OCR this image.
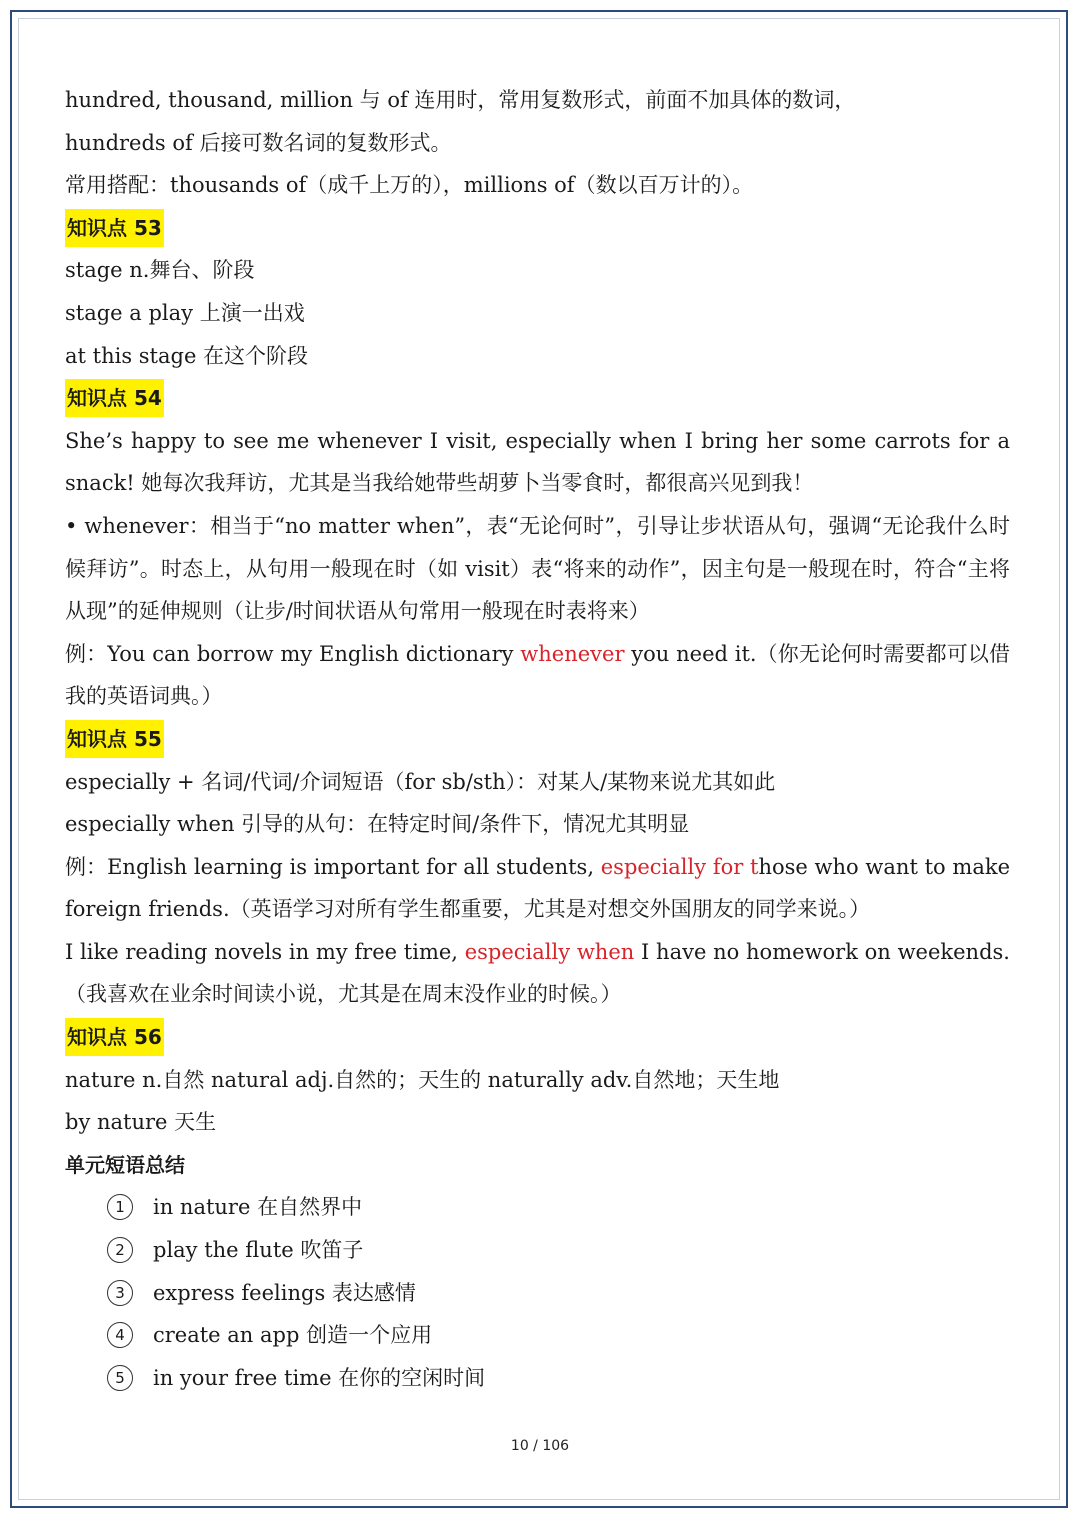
hundred, thousand, million 与 of 连用时，常用复数形式，前面不加具体的数词，
hundreds of 后接可数名词的复数形式。
常用搭配：thousands of（成千上万的），millions of（数以百万计的）。
知识点 53
stage n.舞台、阶段
stage a play 上演一出戏
at this stage 在这个阶段
知识点 54
She’s happy to see me whenever I visit, especially when I bring her some carrots for a snack! 她每次我拜访，尤其是当我给她带些胡萝卜当零食时，都很高兴见到我！
• whenever：相当于“no matter when”，表“无论何时”，引导让步状语从句，强调“无论我什么时候拜访”。时态上，从句用一般现在时（如 visit）表“将来的动作”，因主句是一般现在时，符合“主将从现”的延伸规则（让步/时间状语从句常用一般现在时表将来）
例：You can borrow my English dictionary whenever you need it.（你无论何时需要都可以借我的英语词典。）
知识点 55
especially + 名词/代词/介词短语（for sb/sth）：对某人/某物来说尤其如此
especially when 引导的从句：在特定时间/条件下，情况尤其明显
例：English learning is important for all students, especially for those who want to make foreign friends.（英语学习对所有学生都重要，尤其是对想交外国朋友的同学来说。）
I like reading novels in my free time, especially when I have no homework on weekends.（我喜欢在业余时间读小说，尤其是在周末没作业的时候。）
知识点 56
nature n.自然 natural adj.自然的；天生的 naturally adv.自然地；天生地
by nature 天生
单元短语总结
1 in nature 在自然界中
2 play the flute 吹笛子
3 express feelings 表达感情
4 create an app 创造一个应用
5 in your free time 在你的空闲时间
10 / 106
